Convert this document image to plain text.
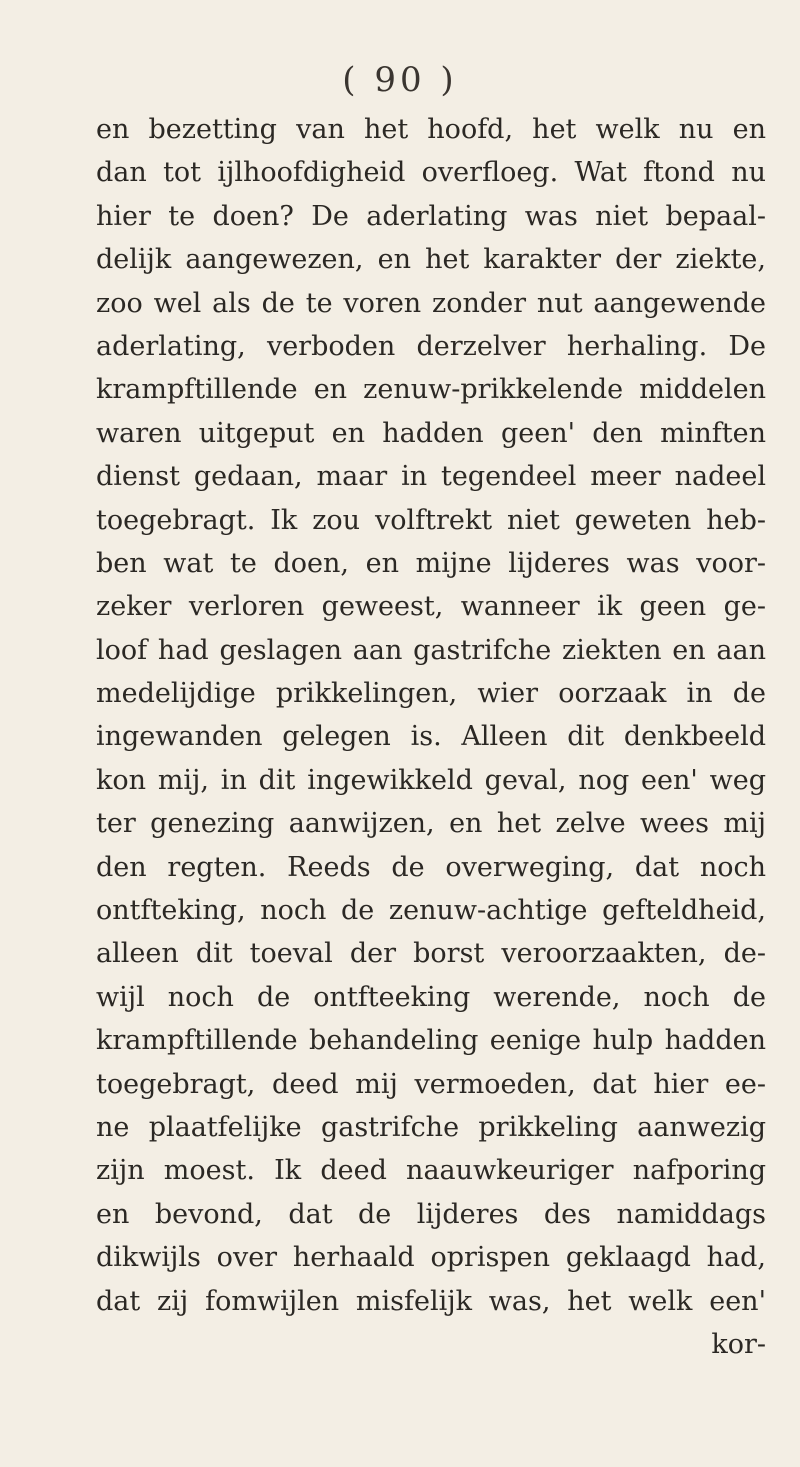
( 90 )
en bezetting van het hoofd, het welk nu en
dan tot ijlhoofdigheid overfloeg. Wat ftond nu
hier te doen? De aderlating was niet bepaal-
delijk aangewezen, en het karakter der ziekte,
zoo wel als de te voren zonder nut aangewende
aderlating, verboden derzelver herhaling. De
krampftillende en zenuw-prikkelende middelen
waren uitgeput en hadden geen' den minften
dienst gedaan, maar in tegendeel meer nadeel
toegebragt. Ik zou volftrekt niet geweten heb-
ben wat te doen, en mijne lijderes was voor-
zeker verloren geweest, wanneer ik geen ge-
loof had geslagen aan gastrifche ziekten en aan
medelijdige prikkelingen, wier oorzaak in de
ingewanden gelegen is. Alleen dit denkbeeld
kon mij, in dit ingewikkeld geval, nog een' weg
ter genezing aanwijzen, en het zelve wees mij
den regten. Reeds de overweging, dat noch
ontfteking, noch de zenuw-achtige gefteldheid,
alleen dit toeval der borst veroorzaakten, de-
wijl noch de ontfteeking werende, noch de
krampftillende behandeling eenige hulp hadden
toegebragt, deed mij vermoeden, dat hier ee-
ne plaatfelijke gastrifche prikkeling aanwezig
zijn moest. Ik deed naauwkeuriger nafporing
en bevond, dat de lijderes des namiddags
dikwijls over herhaald oprispen geklaagd had,
dat zij fomwijlen misfelijk was, het welk een'
kor-
